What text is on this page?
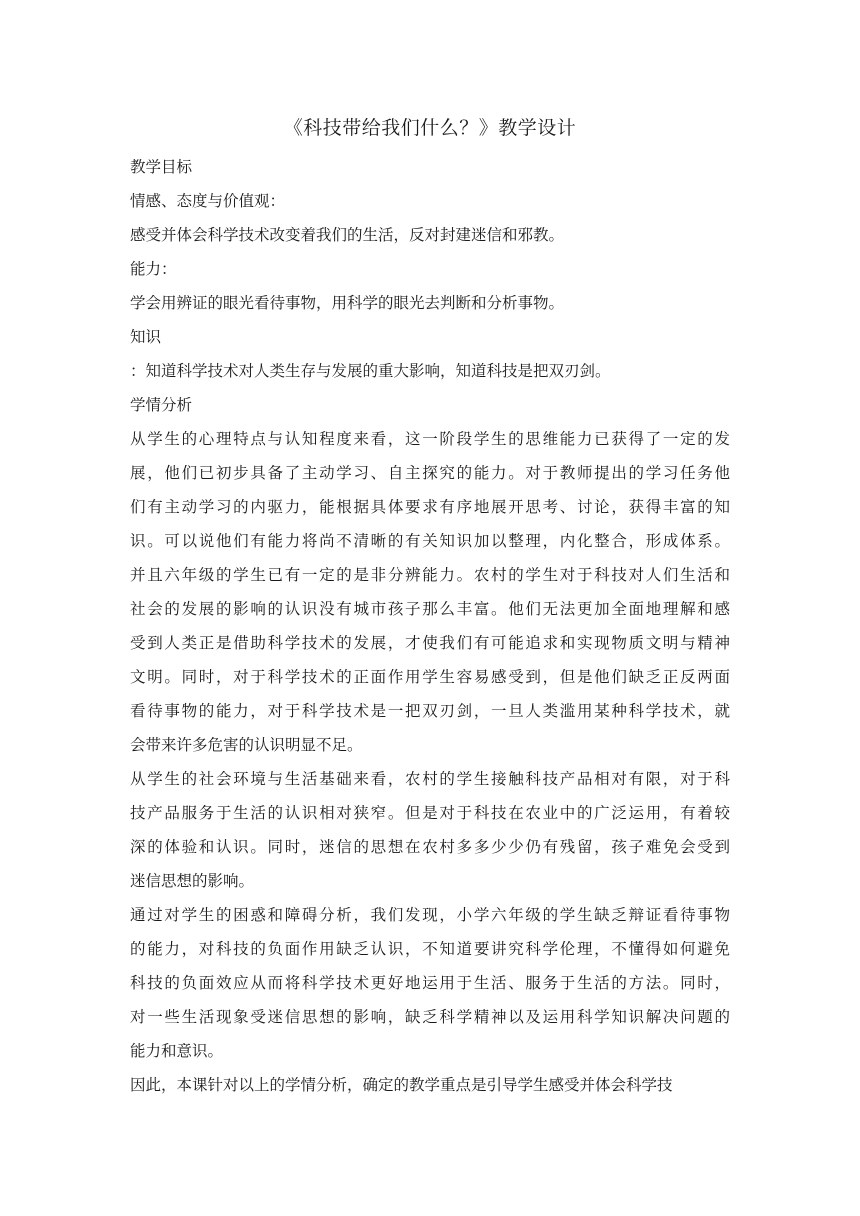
《科技带给我们什么？》教学设计
教学目标
情感、态度与价值观：
感受并体会科学技术改变着我们的生活，反对封建迷信和邪教。
能力：
学会用辨证的眼光看待事物，用科学的眼光去判断和分析事物。
知识
：知道科学技术对人类生存与发展的重大影响，知道科技是把双刃剑。
学情分析
从学生的心理特点与认知程度来看，这一阶段学生的思维能力已获得了一定的发
展，他们已初步具备了主动学习、自主探究的能力。对于教师提出的学习任务他
们有主动学习的内驱力，能根据具体要求有序地展开思考、讨论，获得丰富的知
识。可以说他们有能力将尚不清晰的有关知识加以整理，内化整合，形成体系。
并且六年级的学生已有一定的是非分辨能力。农村的学生对于科技对人们生活和
社会的发展的影响的认识没有城市孩子那么丰富。他们无法更加全面地理解和感
受到人类正是借助科学技术的发展，才使我们有可能追求和实现物质文明与精神
文明。同时，对于科学技术的正面作用学生容易感受到，但是他们缺乏正反两面
看待事物的能力，对于科学技术是一把双刃剑，一旦人类滥用某种科学技术，就
会带来许多危害的认识明显不足。
从学生的社会环境与生活基础来看，农村的学生接触科技产品相对有限，对于科
技产品服务于生活的认识相对狭窄。但是对于科技在农业中的广泛运用，有着较
深的体验和认识。同时，迷信的思想在农村多多少少仍有残留，孩子难免会受到
迷信思想的影响。
通过对学生的困惑和障碍分析，我们发现，小学六年级的学生缺乏辩证看待事物
的能力，对科技的负面作用缺乏认识，不知道要讲究科学伦理，不懂得如何避免
科技的负面效应从而将科学技术更好地运用于生活、服务于生活的方法。同时，
对一些生活现象受迷信思想的影响，缺乏科学精神以及运用科学知识解决问题的
能力和意识。
因此，本课针对以上的学情分析，确定的教学重点是引导学生感受并体会科学技
